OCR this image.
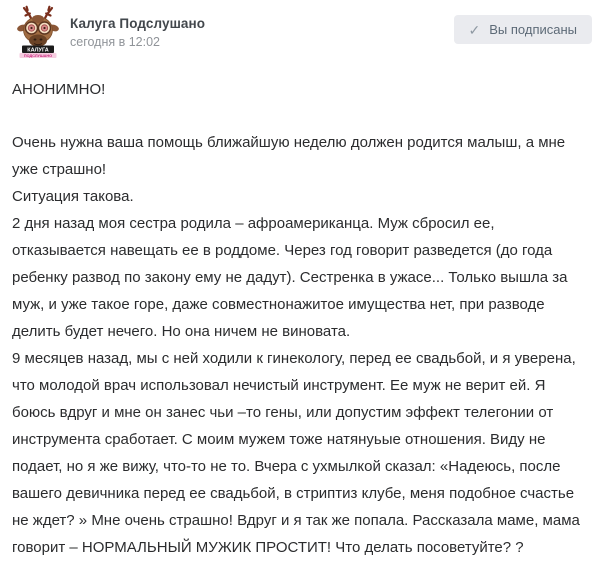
КАЛУГА
ПОДСЛУШАНО
Калуга Подслушано
сегодня в 12:02
✓ Вы подписаны
АНОНИМНО!
Очень нужна ваша помощь ближайшую неделю должен родится малыш, а мне уже страшно!
Ситуация такова.
2 дня назад моя сестра родила – афроамериканца. Муж сбросил ее, отказывается навещать ее в роддоме. Через год говорит разведется (до года ребенку развод по закону ему не дадут). Сестренка в ужасе... Только вышла за муж, и уже такое горе, даже совместнонажитое имущества нет, при разводе делить будет нечего. Но она ничем не виновата.
9 месяцев назад, мы с ней ходили к гинекологу, перед ее свадьбой, и я уверена, что молодой врач использовал нечистый инструмент. Ее муж не верит ей. Я боюсь вдруг и мне он занес чьи –то гены, или допустим эффект телегонии от инструмента сработает. С моим мужем тоже натянуьые отношения. Виду не подает, но я же вижу, что-то не то. Вчера с ухмылкой сказал: «Надеюсь, после вашего девичника перед ее свадьбой, в стриптиз клубе, меня подобное счастье не ждет? » Мне очень страшно! Вдруг и я так же попала. Рассказала маме, мама говорит – НОРМАЛЬНЫЙ МУЖИК ПРОСТИТ! Что делать посоветуйте? ?
